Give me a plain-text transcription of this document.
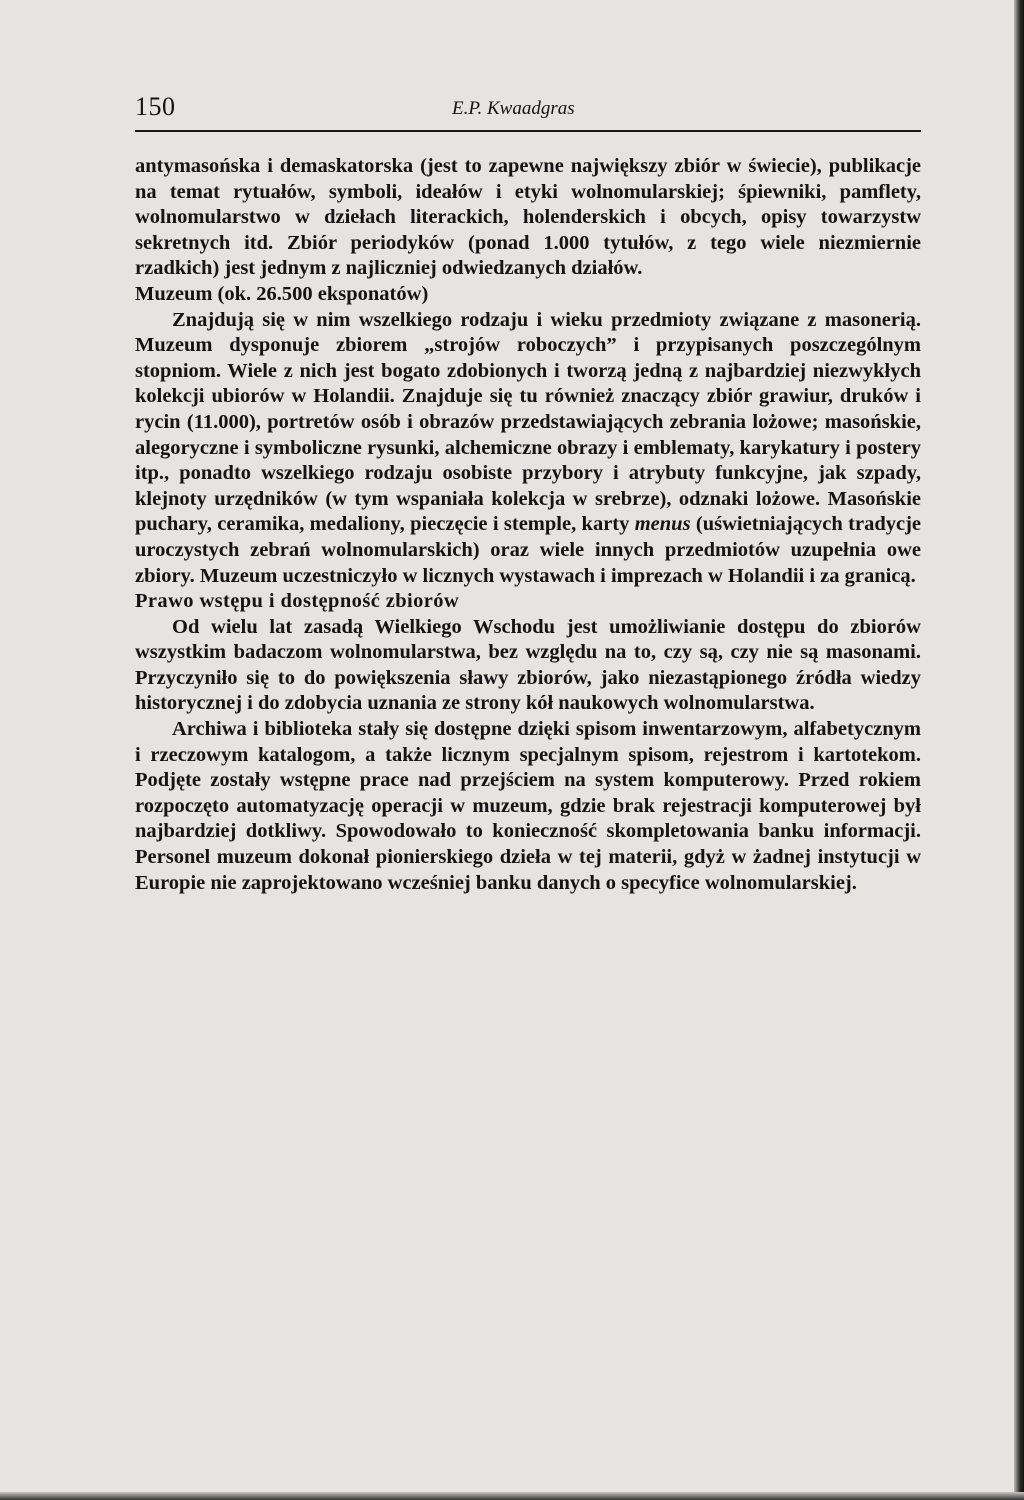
150	E.P. Kwaadgras

antymasońska i demaskatorska (jest to zapewne największy zbiór w świecie), publikacje na temat rytuałów, symboli, ideałów i etyki wolnomularskiej; śpiewniki, pamflety, wolnomularstwo w dziełach literackich, holenderskich i obcych, opisy towarzystw sekretnych itd. Zbiór periodyków (ponad 1.000 tytułów, z tego wiele niezmiernie rzadkich) jest jednym z najliczniej odwiedzanych działów.

Muzeum (ok. 26.500 eksponatów)

Znajdują się w nim wszelkiego rodzaju i wieku przedmioty związane z masonerią. Muzeum dysponuje zbiorem „strojów roboczych” i przypisanych poszczególnym stopniom. Wiele z nich jest bogato zdobionych i tworzą jedną z najbardziej niezwykłych kolekcji ubiorów w Holandii. Znajduje się tu również znaczący zbiór grawiur, druków i rycin (11.000), portretów osób i obrazów przedstawiających zebrania lożowe; masońskie, alegoryczne i symboliczne rysunki, alchemiczne obrazy i emblematy, karykatury i postery itp., ponadto wszelkiego rodzaju osobiste przybory i atrybuty funkcyjne, jak szpady, klejnoty urzędników (w tym wspaniała kolekcja w srebrze), odznaki lożowe. Masońskie puchary, ceramika, medaliony, pieczęcie i stemple, karty menus (uświetniających tradycje uroczystych zebrań wolnomularskich) oraz wiele innych przedmiotów uzupełnia owe zbiory. Muzeum uczestniczyło w licznych wystawach i imprezach w Holandii i za granicą.

Prawo wstępu i dostępność zbiorów

Od wielu lat zasadą Wielkiego Wschodu jest umożliwianie dostępu do zbiorów wszystkim badaczom wolnomularstwa, bez względu na to, czy są, czy nie są masonami. Przyczyniło się to do powiększenia sławy zbiorów, jako niezastąpionego źródła wiedzy historycznej i do zdobycia uznania ze strony kół naukowych wolnomularstwa.

Archiwa i biblioteka stały się dostępne dzięki spisom inwentarzowym, alfabetycznym i rzeczowym katalogom, a także licznym specjalnym spisom, rejestrom i kartotekom. Podjęte zostały wstępne prace nad przejściem na system komputerowy. Przed rokiem rozpoczęto automatyzację operacji w muzeum, gdzie brak rejestracji komputerowej był najbardziej dotkliwy. Spowodowało to konieczność skompletowania banku informacji. Personel muzeum dokonał pionierskiego dzieła w tej materii, gdyż w żadnej instytucji w Europie nie zaprojektowano wcześniej banku danych o specyfice wolnomularskiej.
